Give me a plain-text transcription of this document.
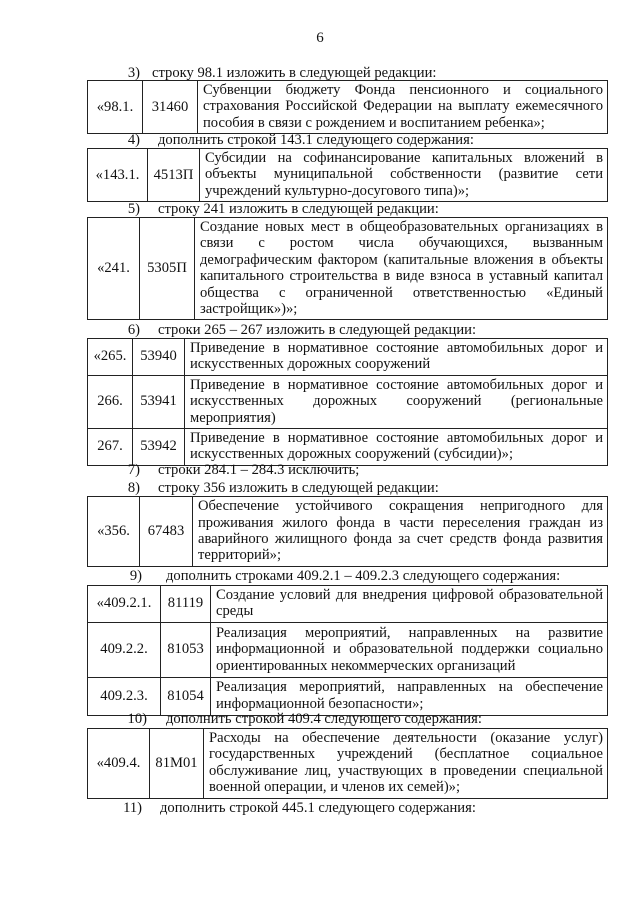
6
3) строку 98.1 изложить в следующей редакции:
«98.1.	31460	Субвенции бюджету Фонда пенсионного и социального страхования Российской Федерации на выплату ежемесячного пособия в связи с рождением и воспитанием ребенка»;
4) дополнить строкой 143.1 следующего содержания:
«143.1.	4513П	Субсидии на софинансирование капитальных вложений в объекты муниципальной собственности (развитие сети учреждений культурно-досугового типа)»;
5) строку 241 изложить в следующей редакции:
«241.	5305П	Создание новых мест в общеобразовательных организациях в связи с ростом числа обучающихся, вызванным демографическим фактором (капитальные вложения в объекты капитального строительства в виде взноса в уставный капитал общества с ограниченной ответственностью «Единый застройщик»)»;
6) строки 265 – 267 изложить в следующей редакции:
«265.	53940	Приведение в нормативное состояние автомобильных дорог и искусственных дорожных сооружений
266.	53941	Приведение в нормативное состояние автомобильных дорог и искусственных дорожных сооружений (региональные мероприятия)
267.	53942	Приведение в нормативное состояние автомобильных дорог и искусственных дорожных сооружений (субсидии)»;
7) строки 284.1 – 284.3 исключить;
8) строку 356 изложить в следующей редакции:
«356.	67483	Обеспечение устойчивого сокращения непригодного для проживания жилого фонда в части переселения граждан из аварийного жилищного фонда за счет средств фонда развития территорий»;
9) дополнить строками 409.2.1 – 409.2.3 следующего содержания:
«409.2.1.	81119	Создание условий для внедрения цифровой образовательной среды
409.2.2.	81053	Реализация мероприятий, направленных на развитие информационной и образовательной поддержки социально ориентированных некоммерческих организаций
409.2.3.	81054	Реализация мероприятий, направленных на обеспечение информационной безопасности»;
10) дополнить строкой 409.4 следующего содержания:
«409.4.	81М01	Расходы на обеспечение деятельности (оказание услуг) государственных учреждений (бесплатное социальное обслуживание лиц, участвующих в проведении специальной военной операции, и членов их семей)»;
11) дополнить строкой 445.1 следующего содержания:
